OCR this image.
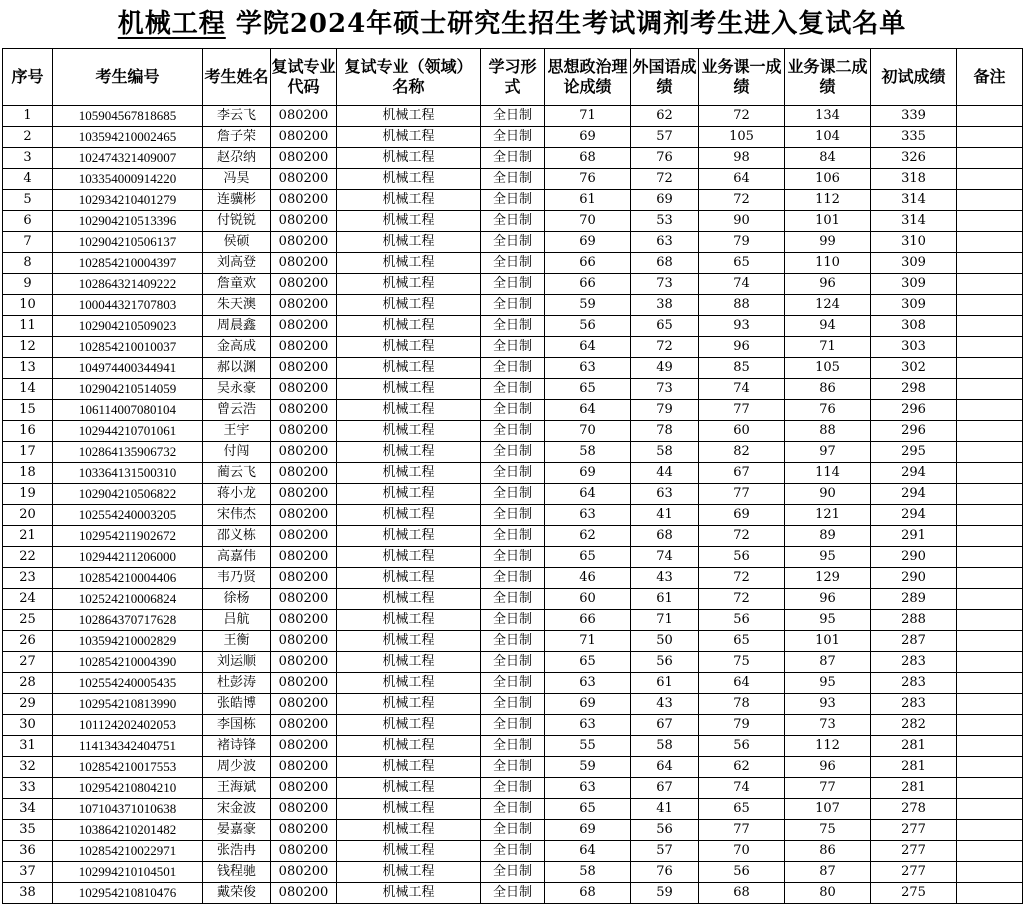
机械工程 学院2024年硕士研究生招生考试调剂考生进入复试名单
序号	考生编号	考生姓名	复试专业代码	复试专业（领域）名称	学习形式	思想政治理论成绩	外国语成绩	业务课一成绩	业务课二成绩	初试成绩	备注
1	105904567818685	李云飞	080200	机械工程	全日制	71	62	72	134	339	
2	103594210002465	詹子荣	080200	机械工程	全日制	69	57	105	104	335	
3	102474321409007	赵尕纳	080200	机械工程	全日制	68	76	98	84	326	
4	103354000914220	冯昊	080200	机械工程	全日制	76	72	64	106	318	
5	102934210401279	连骥彬	080200	机械工程	全日制	61	69	72	112	314	
6	102904210513396	付锐锐	080200	机械工程	全日制	70	53	90	101	314	
7	102904210506137	侯硕	080200	机械工程	全日制	69	63	79	99	310	
8	102854210004397	刘高登	080200	机械工程	全日制	66	68	65	110	309	
9	102864321409222	詹童欢	080200	机械工程	全日制	66	73	74	96	309	
10	100044321707803	朱天澳	080200	机械工程	全日制	59	38	88	124	309	
11	102904210509023	周晨鑫	080200	机械工程	全日制	56	65	93	94	308	
12	102854210010037	金高成	080200	机械工程	全日制	64	72	96	71	303	
13	104974400344941	郝以渊	080200	机械工程	全日制	63	49	85	105	302	
14	102904210514059	吴永豪	080200	机械工程	全日制	65	73	74	86	298	
15	106114007080104	曾云浩	080200	机械工程	全日制	64	79	77	76	296	
16	102944210701061	王宇	080200	机械工程	全日制	70	78	60	88	296	
17	102864135906732	付闯	080200	机械工程	全日制	58	58	82	97	295	
18	103364131500310	蔺云飞	080200	机械工程	全日制	69	44	67	114	294	
19	102904210506822	蒋小龙	080200	机械工程	全日制	64	63	77	90	294	
20	102554240003205	宋伟杰	080200	机械工程	全日制	63	41	69	121	294	
21	102954211902672	邵义栋	080200	机械工程	全日制	62	68	72	89	291	
22	102944211206000	高嘉伟	080200	机械工程	全日制	65	74	56	95	290	
23	102854210004406	韦乃贤	080200	机械工程	全日制	46	43	72	129	290	
24	102524210006824	徐杨	080200	机械工程	全日制	60	61	72	96	289	
25	102864370717628	吕航	080200	机械工程	全日制	66	71	56	95	288	
26	103594210002829	王衡	080200	机械工程	全日制	71	50	65	101	287	
27	102854210004390	刘运顺	080200	机械工程	全日制	65	56	75	87	283	
28	102554240005435	杜彭涛	080200	机械工程	全日制	63	61	64	95	283	
29	102954210813990	张皓博	080200	机械工程	全日制	69	43	78	93	283	
30	101124202402053	李国栋	080200	机械工程	全日制	63	67	79	73	282	
31	114134342404751	褚诗锋	080200	机械工程	全日制	55	58	56	112	281	
32	102854210017553	周少波	080200	机械工程	全日制	59	64	62	96	281	
33	102954210804210	王海斌	080200	机械工程	全日制	63	67	74	77	281	
34	107104371010638	宋金波	080200	机械工程	全日制	65	41	65	107	278	
35	103864210201482	晏嘉豪	080200	机械工程	全日制	69	56	77	75	277	
36	102854210022971	张浩冉	080200	机械工程	全日制	64	57	70	86	277	
37	102994210104501	钱程驰	080200	机械工程	全日制	58	76	56	87	277	
38	102954210810476	戴荣俊	080200	机械工程	全日制	68	59	68	80	275	
